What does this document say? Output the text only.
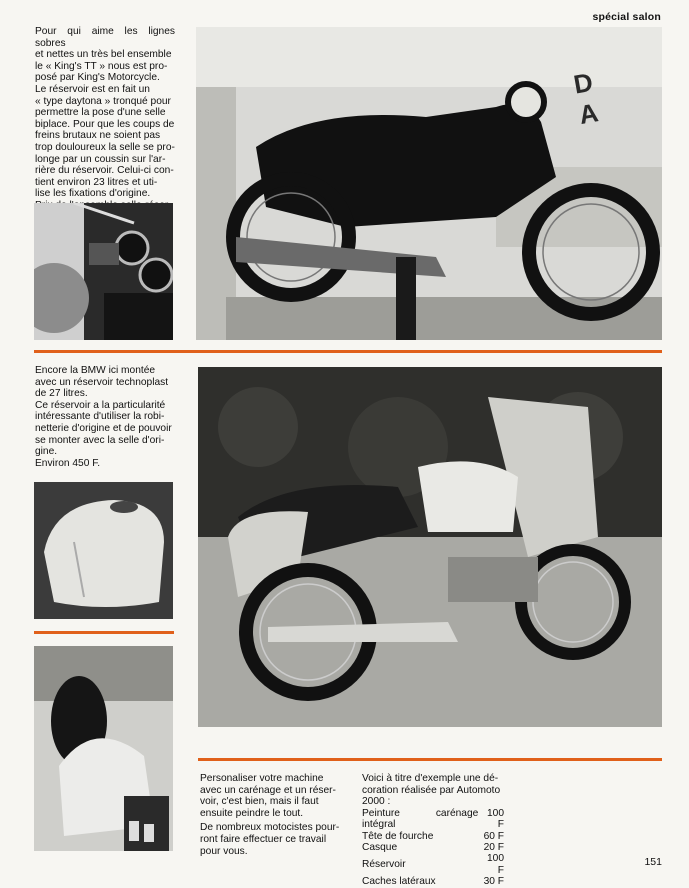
spécial salon

Pour qui aime les lignes sobres

et nettes un très bel ensemble

le « King's TT » nous est pro-

posé par King's Motorcycle.

Le réservoir est en fait un

« type daytona » tronqué pour

permettre la pose d'une selle

biplace. Pour que les coups de

freins brutaux ne soient pas

trop douloureux la selle se pro-

longe par un coussin sur l'ar-

rière du réservoir. Celui-ci con-

tient environ 23 litres et uti-

lise les fixations d'origine.

D A

Encore la BMW ici montée

avec un réservoir technoplast

de 27 litres.

Ce réservoir a la particularité

intéressante d'utiliser la robi-

netterie d'origine et de pouvoir

se monter avec la selle d'ori-

gine.

Environ 450 F.

Personaliser votre machine

avec un carénage et un réser-

voir, c'est bien, mais il faut

ensuite peindre le tout.

De nombreux motocistes pour-

ront faire effectuer ce travail

pour vous.

Voici à titre d'exemple une dé-

coration réalisée par Automoto

2000 :

Peinture carénage intégral	100 F
Tête de fourche	60 F
Casque	20 F
Réservoir	100 F
Caches latéraux	30 F
151
